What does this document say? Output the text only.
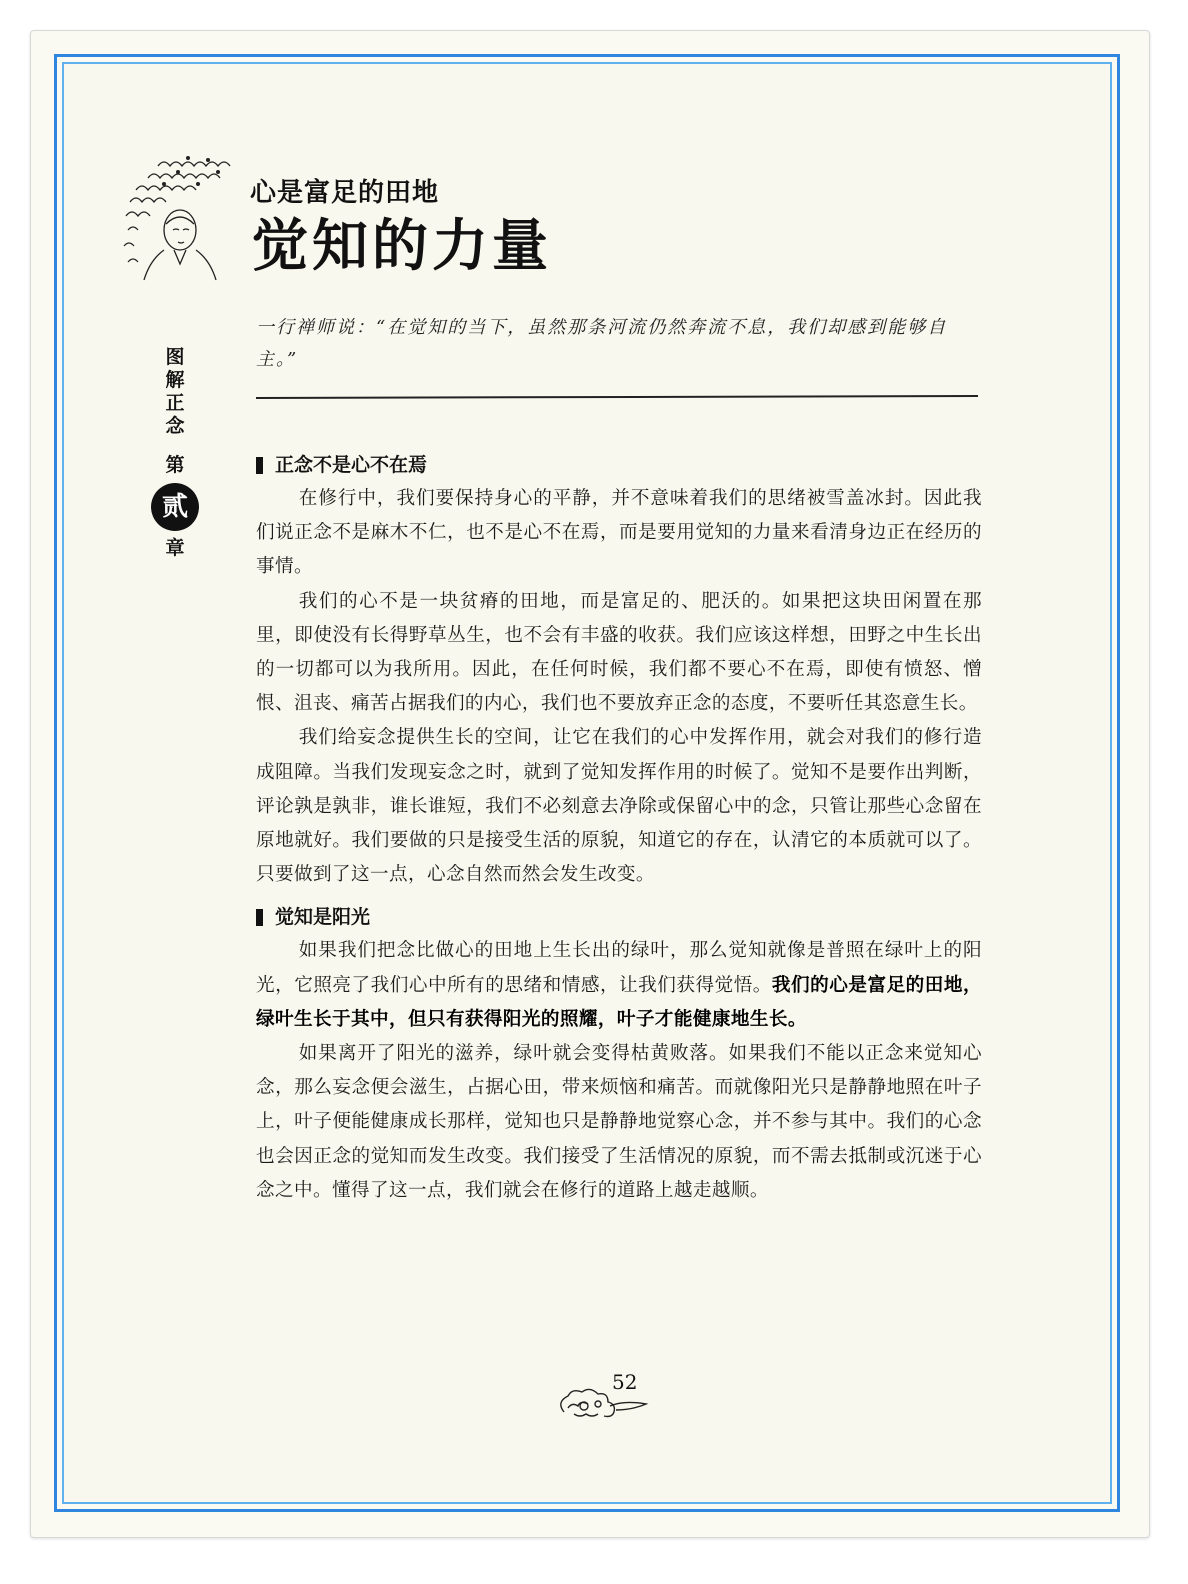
心是富足的田地
觉知的力量
一行禅师说：“在觉知的当下，虽然那条河流仍然奔流不息，我们却感到能够自主。”
图
解
正
念
第
贰
章
正念不是心不在焉

在修行中，我们要保持身心的平静，并不意味着我们的思绪被雪盖冰封。因此我们说正念不是麻木不仁，也不是心不在焉，而是要用觉知的力量来看清身边正在经历的事情。

我们的心不是一块贫瘠的田地，而是富足的、肥沃的。如果把这块田闲置在那里，即使没有长得野草丛生，也不会有丰盛的收获。我们应该这样想，田野之中生长出的一切都可以为我所用。因此，在任何时候，我们都不要心不在焉，即使有愤怒、憎恨、沮丧、痛苦占据我们的内心，我们也不要放弃正念的态度，不要听任其恣意生长。

我们给妄念提供生长的空间，让它在我们的心中发挥作用，就会对我们的修行造成阻障。当我们发现妄念之时，就到了觉知发挥作用的时候了。觉知不是要作出判断，评论孰是孰非，谁长谁短，我们不必刻意去净除或保留心中的念，只管让那些心念留在原地就好。我们要做的只是接受生活的原貌，知道它的存在，认清它的本质就可以了。只要做到了这一点，心念自然而然会发生改变。

觉知是阳光

如果我们把念比做心的田地上生长出的绿叶，那么觉知就像是普照在绿叶上的阳光，它照亮了我们心中所有的思绪和情感，让我们获得觉悟。我们的心是富足的田地，绿叶生长于其中，但只有获得阳光的照耀，叶子才能健康地生长。

如果离开了阳光的滋养，绿叶就会变得枯黄败落。如果我们不能以正念来觉知心念，那么妄念便会滋生，占据心田，带来烦恼和痛苦。而就像阳光只是静静地照在叶子上，叶子便能健康成长那样，觉知也只是静静地觉察心念，并不参与其中。我们的心念也会因正念的觉知而发生改变。我们接受了生活情况的原貌，而不需去抵制或沉迷于心念之中。懂得了这一点，我们就会在修行的道路上越走越顺。

52
